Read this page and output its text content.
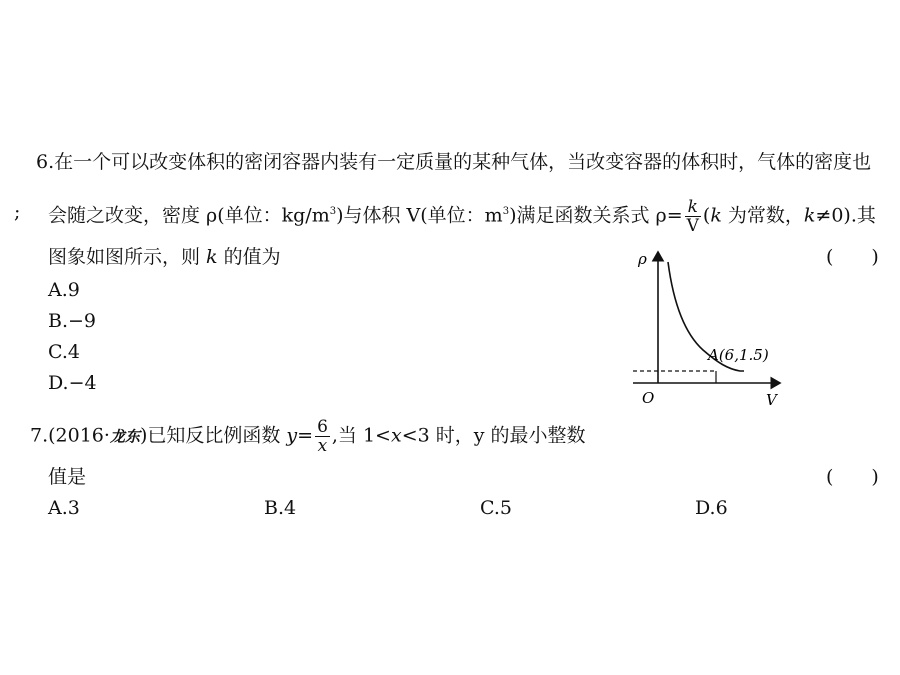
6.在一个可以改变体积的密闭容器内装有一定质量的某种气体，当改变容器的体积时，气体的密度也
; 会随之改变，密度 ρ(单位：$kg/m^3$)与体积 V(单位：$m^3$)满足函数关系式 $\rho= \frac{k}{V} (k$ 为常数，k≠0).其
图象如图所示，则 k 的值为	(　　)
A.9
B.−9
C.4
D.−4
ρ
V
O
A(6,1.5)
7.(2016·龙东)已知反比例函数 $y= \frac{6}{x}$ ,当 1<x<3 时，y 的最小整数
值是	(　　)
A.3	B.4	C.5	D.6
